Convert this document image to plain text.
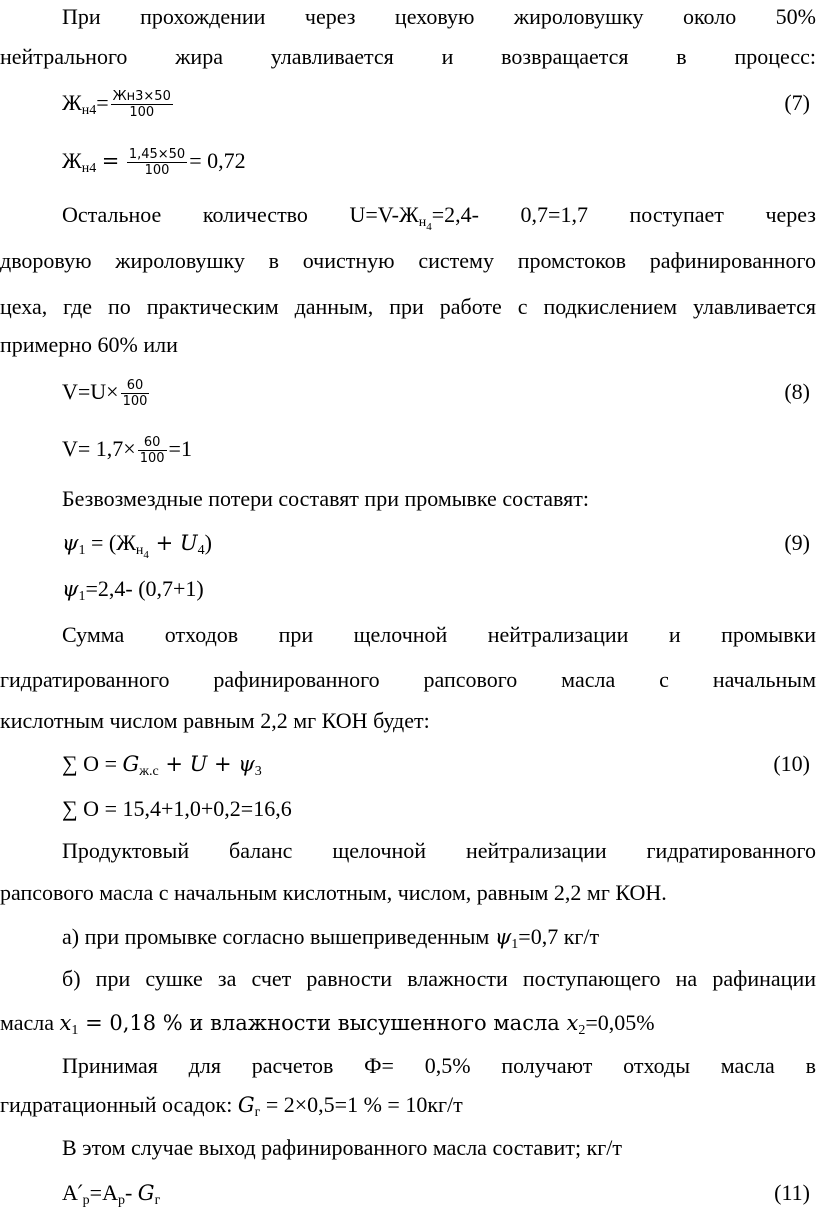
При прохождении через цеховую жироловушку около 50%
нейтрального жира улавливается и возвращается в процесс:
$Ж_{н4}= \frac{Жн3\times 50}{100}$	(7)
$Ж_{н4} = \frac{1,45\times 50}{100} = 0,72$
Остальное количество $U=V-Ж_{н_4}=2,4-$ 0,7=1,7 поступает через
дворовую жироловушку в очистную систему промстоков рафинированного
цеха, где по практическим данным, при работе с подкислением улавливается
примерно 60% или
$V=U\times \frac{60}{100}$	(8)
$V= 1,7\times \frac{60}{100} =1$
Безвозмездные потери составят при промывке составят:
$\psi_1 = (Ж_{н_4} + U_4)$	(9)
$\psi_1=2,4-$ (0,7+1)
Сумма отходов при щелочной нейтрализации и промывки
гидратированного рафинированного рапсового масла с начальным
кислотным числом равным 2,2 мг КОН будет:
∑ $О = G_{ж.с} + U + \psi_3$	(10)
∑ О = 15,4+1,0+0,2=16,6
Продуктовый баланс щелочной нейтрализации гидратированного
рапсового масла с начальным кислотным, числом, равным 2,2 мг КОН.
а) при промывке согласно вышеприведенным $\psi_1=0,7$ кг/т
б) при сушке за счет равности влажности поступающего на рафинации
масла $x_1 = 0,18$ % и влажности высушенного масла $x_2=0,05\%$
Принимая для расчетов Ф= 0,5% получают отходы масла в
гидратационный осадок: $G_г = 2\times 0,5=1$ % = 10кг/т
В этом случае выход рафинированного масла составит; кг/т
$A'_р=A_р-$ $G_г$	(11)
